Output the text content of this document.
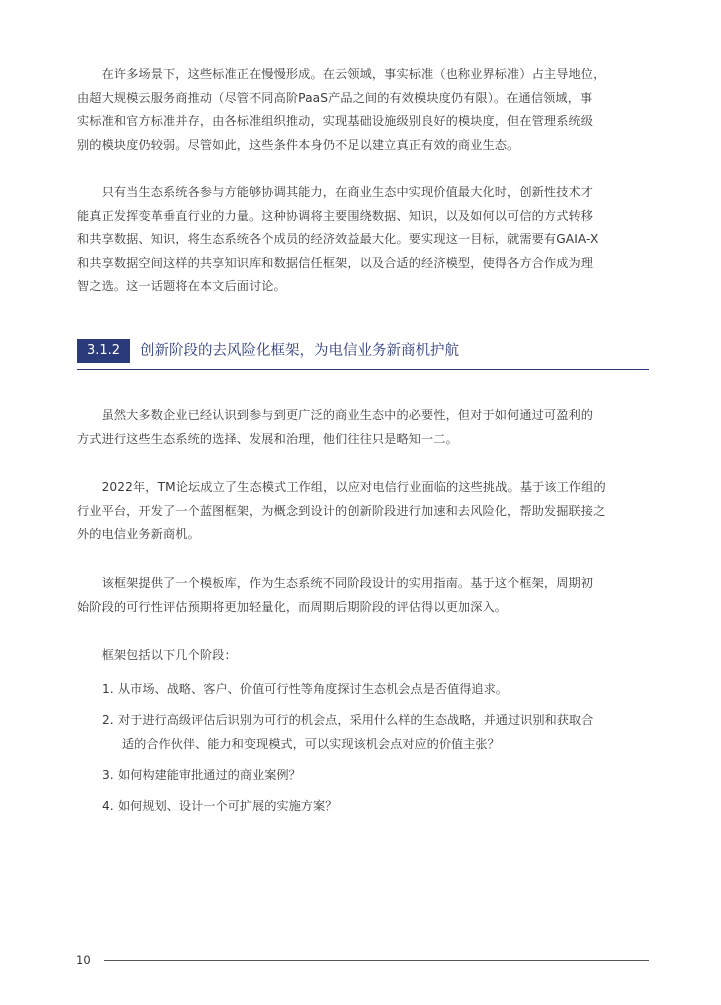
　　在许多场景下，这些标准正在慢慢形成。在云领域，事实标准（也称业界标准）占主导地位，
由超大规模云服务商推动（尽管不同高阶PaaS产品之间的有效模块度仍有限）。在通信领域，事
实标准和官方标准并存，由各标准组织推动，实现基础设施级别良好的模块度，但在管理系统级
别的模块度仍较弱。尽管如此，这些条件本身仍不足以建立真正有效的商业生态。
　　只有当生态系统各参与方能够协调其能力，在商业生态中实现价值最大化时，创新性技术才
能真正发挥变革垂直行业的力量。这种协调将主要围绕数据、知识，以及如何以可信的方式转移
和共享数据、知识，将生态系统各个成员的经济效益最大化。要实现这一目标，就需要有GAIA-X
和共享数据空间这样的共享知识库和数据信任框架，以及合适的经济模型，使得各方合作成为理
智之选。这一话题将在本文后面讨论。
3.1.2	创新阶段的去风险化框架，为电信业务新商机护航
　　虽然大多数企业已经认识到参与到更广泛的商业生态中的必要性，但对于如何通过可盈利的
方式进行这些生态系统的选择、发展和治理，他们往往只是略知一二。
　　2022年，TM论坛成立了生态模式工作组，以应对电信行业面临的这些挑战。基于该工作组的
行业平台，开发了一个蓝图框架，为概念到设计的创新阶段进行加速和去风险化，帮助发掘联接之
外的电信业务新商机。
　　该框架提供了一个模板库，作为生态系统不同阶段设计的实用指南。基于这个框架，周期初
始阶段的可行性评估预期将更加轻量化，而周期后期阶段的评估得以更加深入。
　　框架包括以下几个阶段：
1. 从市场、战略、客户、价值可行性等角度探讨生态机会点是否值得追求。
2. 对于进行高级评估后识别为可行的机会点，采用什么样的生态战略，并通过识别和获取合
适的合作伙伴、能力和变现模式，可以实现该机会点对应的价值主张？
3. 如何构建能审批通过的商业案例？
4. 如何规划、设计一个可扩展的实施方案？
10
